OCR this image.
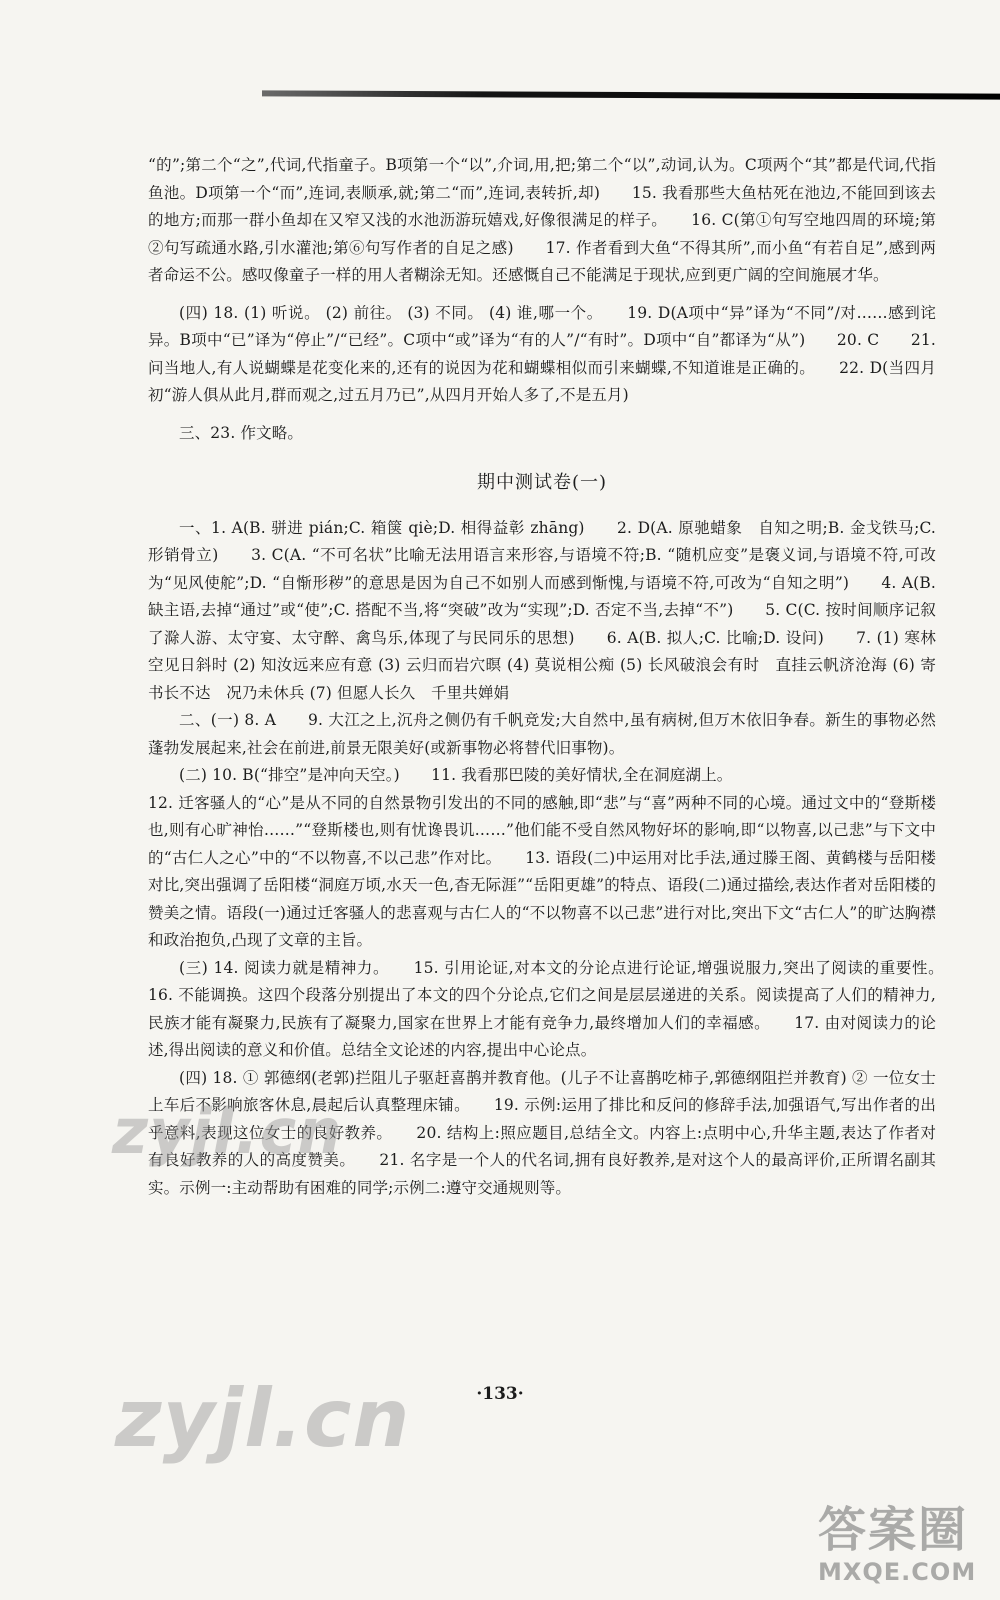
“的”;第二个“之”,代词,代指童子。B项第一个“以”,介词,用,把;第二个“以”,动词,认为。C项两个“其”都是代词,代指鱼池。D项第一个“而”,连词,表顺承,就;第二“而”,连词,表转折,却)　　15. 我看那些大鱼枯死在池边,不能回到该去的地方;而那一群小鱼却在又窄又浅的水池沥游玩嬉戏,好像很满足的样子。　　16. C(第①句写空地四周的环境;第②句写疏通水路,引水灌池;第⑥句写作者的自足之感)　　17. 作者看到大鱼“不得其所”,而小鱼“有若自足”,感到两者命运不公。感叹像童子一样的用人者糊涂无知。还感慨自己不能满足于现状,应到更广阔的空间施展才华。

(四) 18. (1) 听说。 (2) 前往。 (3) 不同。 (4) 谁,哪一个。　　19. D(A项中“异”译为“不同”/对……感到诧异。B项中“已”译为“停止”/“已经”。C项中“或”译为“有的人”/“有时”。D项中“自”都译为“从”)　　20. C　　21. 问当地人,有人说蝴蝶是花变化来的,还有的说因为花和蝴蝶相似而引来蝴蝶,不知道谁是正确的。　　22. D(当四月初“游人俱从此月,群而观之,过五月乃已”,从四月开始人多了,不是五月)

三、23. 作文略。

期中测试卷(一)

一、1. A(B. 骈进 pián;C. 箱箧 qiè;D. 相得益彰 zhāng)　　2. D(A. 原驰蜡象　自知之明;B. 金戈铁马;C. 形销骨立)　　3. C(A. “不可名状”比喻无法用语言来形容,与语境不符;B. “随机应变”是褒义词,与语境不符,可改为“见风使舵”;D. “自惭形秽”的意思是因为自己不如别人而感到惭愧,与语境不符,可改为“自知之明”)　　4. A(B. 缺主语,去掉“通过”或“使”;C. 搭配不当,将“突破”改为“实现”;D. 否定不当,去掉“不”)　　5. C(C. 按时间顺序记叙了滁人游、太守宴、太守醉、禽鸟乐,体现了与民同乐的思想)　　6. A(B. 拟人;C. 比喻;D. 设问)　　7. (1) 寒林空见日斜时 (2) 知汝远来应有意 (3) 云归而岩穴暝 (4) 莫说相公痴 (5) 长风破浪会有时　直挂云帆济沧海 (6) 寄书长不达　况乃未休兵 (7) 但愿人长久　千里共婵娟

二、(一) 8. A　　9. 大江之上,沉舟之侧仍有千帆竞发;大自然中,虽有病树,但万木依旧争春。新生的事物必然蓬勃发展起来,社会在前进,前景无限美好(或新事物必将替代旧事物)。

(二) 10. B(“排空”是冲向天空。)　　11. 我看那巴陵的美好情状,全在洞庭湖上。

12. 迁客骚人的“心”是从不同的自然景物引发出的不同的感触,即“悲”与“喜”两种不同的心境。通过文中的“登斯楼也,则有心旷神怡……”“登斯楼也,则有忧谗畏讥……”他们能不受自然风物好坏的影响,即“以物喜,以己悲”与下文中的“古仁人之心”中的“不以物喜,不以己悲”作对比。　　13. 语段(二)中运用对比手法,通过滕王阁、黄鹤楼与岳阳楼对比,突出强调了岳阳楼“洞庭万顷,水天一色,杳无际涯”“岳阳更雄”的特点、语段(二)通过描绘,表达作者对岳阳楼的赞美之情。语段(一)通过迁客骚人的悲喜观与古仁人的“不以物喜不以己悲”进行对比,突出下文“古仁人”的旷达胸襟和政治抱负,凸现了文章的主旨。

(三) 14. 阅读力就是精神力。　　15. 引用论证,对本文的分论点进行论证,增强说服力,突出了阅读的重要性。　　16. 不能调换。这四个段落分别提出了本文的四个分论点,它们之间是层层递进的关系。阅读提高了人们的精神力,民族才能有凝聚力,民族有了凝聚力,国家在世界上才能有竞争力,最终增加人们的幸福感。　　17. 由对阅读力的论述,得出阅读的意义和价值。总结全文论述的内容,提出中心论点。

(四) 18. ① 郭德纲(老郭)拦阻儿子驱赶喜鹊并教育他。(儿子不让喜鹊吃柿子,郭德纲阻拦并教育) ② 一位女士上车后不影响旅客休息,晨起后认真整理床铺。　　19. 示例:运用了排比和反问的修辞手法,加强语气,写出作者的出乎意料,表现这位女士的良好教养。　　20. 结构上:照应题目,总结全文。内容上:点明中心,升华主题,表达了作者对有良好教养的人的高度赞美。　　21. 名字是一个人的代名词,拥有良好教养,是对这个人的最高评价,正所谓名副其实。示例一:主动帮助有困难的同学;示例二:遵守交通规则等。

·133·
zyjl.cn
zyjl.cn
答案圈
MXQE.COM
